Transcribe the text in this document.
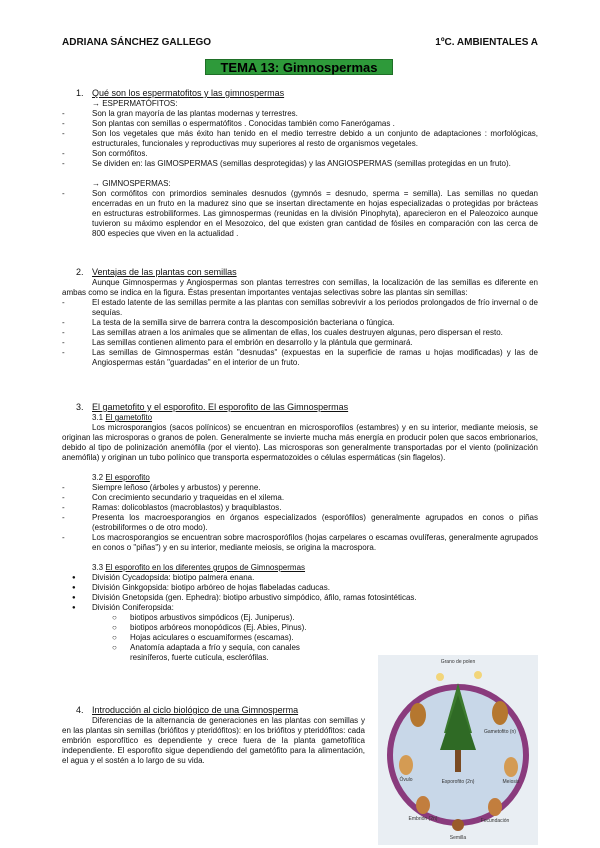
ADRIANA SÁNCHEZ GALLEGO	1ºC. AMBIENTALES A
TEMA 13: Gimnospermas
1. Qué son los espermatofitos y las gimnospermas
→ ESPERMATÓFITOS:
- Son la gran mayoría de las plantas modernas y terrestres.
- Son plantas con semillas o espermatófitos . Conocidas también como Fanerógamas .
- Son los vegetales que más éxito han tenido en el medio terrestre debido a un conjunto de adaptaciones : morfológicas, estructurales, funcionales y reproductivas muy superiores al resto de organismos vegetales.
- Son cormófitos.
- Se dividen en: las GIMOSPERMAS (semillas desprotegidas) y las ANGIOSPERMAS (semillas protegidas en un fruto).
→ GIMNOSPERMAS:
- Son cormófitos con primordios seminales desnudos (gymnós = desnudo, sperma = semilla). Las semillas no quedan encerradas en un fruto en la madurez sino que se insertan directamente en hojas especializadas o protegidas por brácteas en estructuras estrobiliformes. Las gimnospermas (reunidas en la división Pinophyta), aparecieron en el Paleozoico aunque tuvieron su máximo esplendor en el Mesozoico, del que existen gran cantidad de fósiles en comparación con las cerca de 800 especies que viven en la actualidad .
2. Ventajas de las plantas con semillas
Aunque Gimnospermas y Angiospermas son plantas terrestres con semillas, la localización de las semillas es diferente en ambas como se indica en la figura. Éstas presentan importantes ventajas selectivas sobre las plantas sin semillas:
- El estado latente de las semillas permite a las plantas con semillas sobrevivir a los periodos prolongados de frío invernal o de sequías.
- La testa de la semilla sirve de barrera contra la descomposición bacteriana o fúngica.
- Las semillas atraen a los animales que se alimentan de ellas, los cuales destruyen algunas, pero dispersan el resto.
- Las semillas contienen alimento para el embrión en desarrollo y la plántula que germinará.
- Las semillas de Gimnospermas están "desnudas" (expuestas en la superficie de ramas u hojas modificadas) y las de Angiospermas están "guardadas" en el interior de un fruto.
3. El gametofito y el esporofito. El esporofito de las Gimnospermas
3.1 El gametofito
Los microsporangios (sacos polínicos) se encuentran en microsporofilos (estambres) y en su interior, mediante meiosis, se originan las microsporas o granos de polen. Generalmente se invierte mucha más energía en producir polen que sacos embrionarios, debido al tipo de polinización anemófila (por el viento). Las microsporas son generalmente transportadas por el viento (polinización anemófila) y originan un tubo polínico que transporta espermatozoides o células espermáticas (sin flagelos).
3.2 El esporofito
- Siempre leñoso (árboles y arbustos) y perenne.
- Con crecimiento secundario y traqueidas en el xilema.
- Ramas: dolicoblastos (macroblastos) y braquiblastos.
- Presenta los macroesporangios en órganos especializados (esporófilos) generalmente agrupados en conos o piñas (estrobiliformes o de otro modo).
- Los macrosporangios se encuentran sobre macrosporófilos (hojas carpelares o escamas ovulíferas, generalmente agrupados en conos o "piñas") y en su interior, mediante meiosis, se origina la macrospora.
3.3 El esporofito en los diferentes grupos de Gimnospermas
● División Cycadopsida: biotipo palmera enana.
● División Ginkgopsida: biotipo arbóreo de hojas flabeladas caducas.
● División Gnetopsida (gen. Ephedra): biotipo arbustivo simpódico, áfilo, ramas fotosintéticas.
● División Coniferopsida:
○ biotipos arbustivos simpódicos (Ej. Juniperus).
○ biotipos arbóreos monopódicos (Ej. Abies, Pinus).
○ Hojas aciculares o escuamiformes (escamas).
○ Anatomía adaptada a frío y sequía, con canales resiníferos, fuerte cutícula, esclerófilas.
4. Introducción al ciclo biológico de una Gimnosperma
Diferencias de la alternancia de generaciones en las plantas con semillas y en las plantas sin semillas (briófitos y pteridófitos): en los briófitos y pteridófitos: cada embrión esporofítico es dependiente y crece fuera de la planta gametofítica independiente. El esporofito sigue dependiendo del gametófito para la alimentación, el agua y el sostén a lo largo de su vida.
Grano de polen
Esporofito (2n)
Óvulo	Meiosis
Embrión (2n)	Fecundación
Semilla
Gametofito (n)
